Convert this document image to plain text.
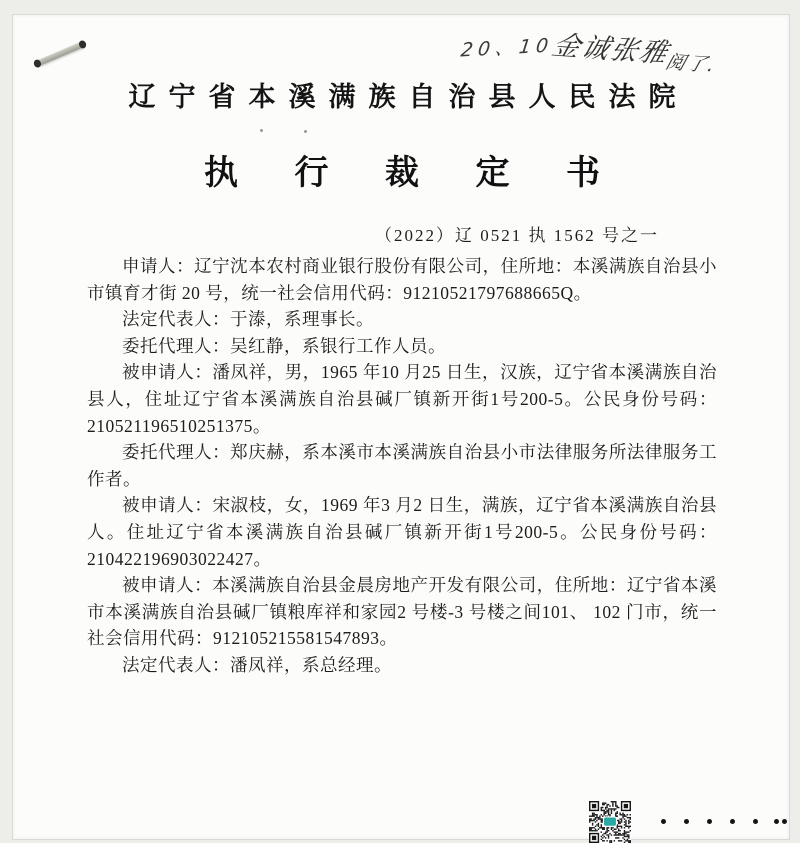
20、10
金诚张雅$_{阅了.}$
辽宁省本溪满族自治县人民法院
执 行 裁 定 书
（2022）辽 0521 执 1562 号之一

申请人：辽宁沈本农村商业银行股份有限公司，住所地：本溪满族自治县小市镇育才街 20 号，统一社会信用代码：91210521797688665Q。

法定代表人：于溙，系理事长。

委托代理人：吴红静，系银行工作人员。

被申请人：潘凤祥，男，1965 年10 月25 日生，汉族，辽宁省本溪满族自治县人，住址辽宁省本溪满族自治县碱厂镇新开街1号200-5。公民身份号码： 210521196510251375。

委托代理人：郑庆赫，系本溪市本溪满族自治县小市法律服务所法律服务工作者。

被申请人：宋淑枝，女，1969 年3 月2 日生，满族，辽宁省本溪满族自治县人。住址辽宁省本溪满族自治县碱厂镇新开街1号200-5。公民身份号码： 210422196903022427。

被申请人：本溪满族自治县金晨房地产开发有限公司，住所地：辽宁省本溪市本溪满族自治县碱厂镇粮库祥和家园2 号楼-3 号楼之间101、 102 门市，统一社会信用代码：912105215581547893。

法定代表人：潘凤祥，系总经理。
